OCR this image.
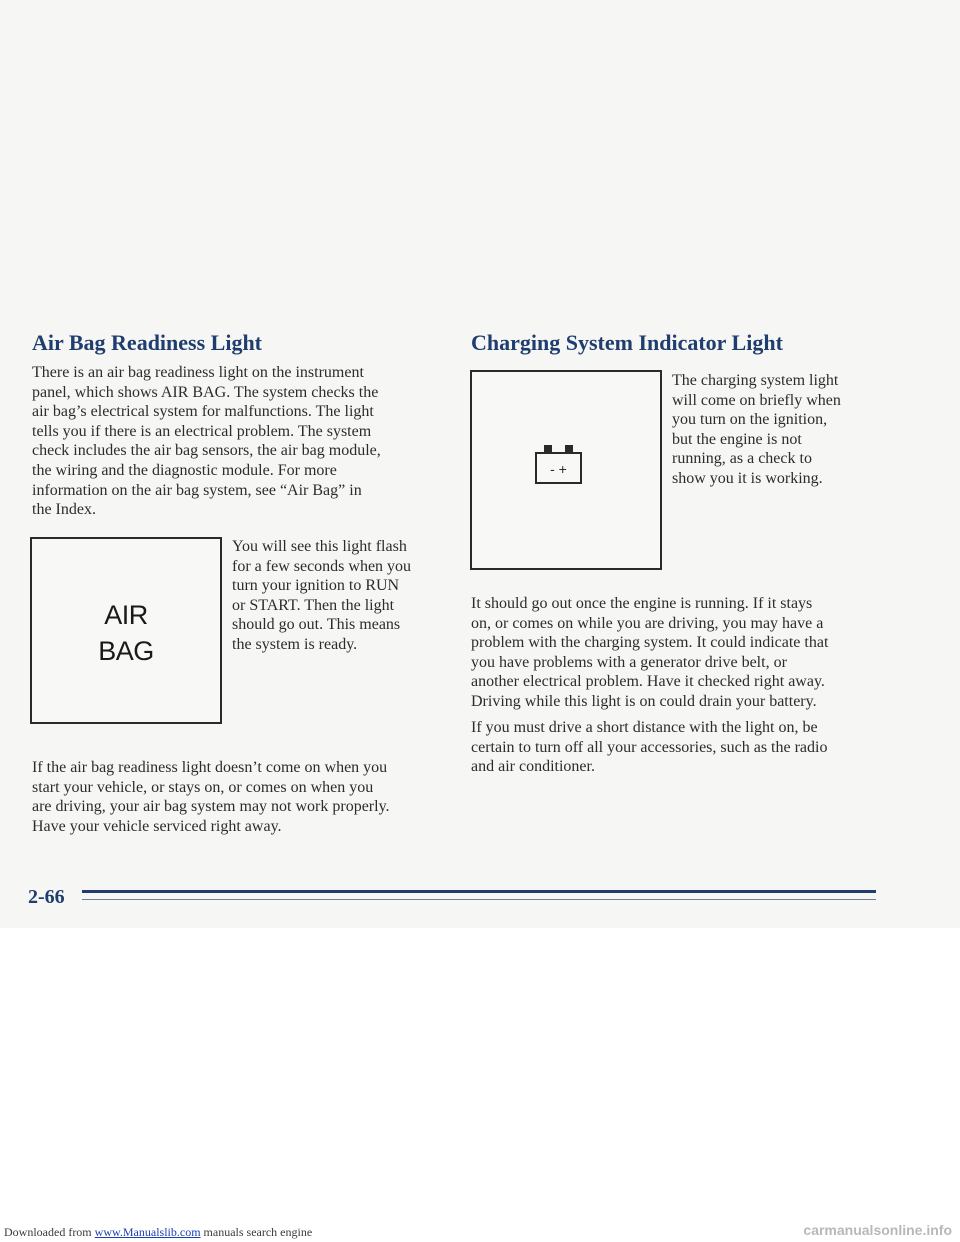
Air Bag Readiness Light
There is an air bag readiness light on the instrument
panel, which shows AIR BAG. The system checks the
air bag’s electrical system for malfunctions. The light
tells you if there is an electrical problem. The system
check includes the air bag sensors, the air bag module,
the wiring and the diagnostic module. For more
information on the air bag system, see “Air Bag” in
the Index.
AIR
BAG
You will see this light flash
for a few seconds when you
turn your ignition to RUN
or START. Then the light
should go out. This means
the system is ready.
If the air bag readiness light doesn’t come on when you
start your vehicle, or stays on, or comes on when you
are driving, your air bag system may not work properly.
Have your vehicle serviced right away.
Charging System Indicator Light
- +
The charging system light
will come on briefly when
you turn on the ignition,
but the engine is not
running, as a check to
show you it is working.
It should go out once the engine is running. If it stays
on, or comes on while you are driving, you may have a
problem with the charging system. It could indicate that
you have problems with a generator drive belt, or
another electrical problem. Have it checked right away.
Driving while this light is on could drain your battery.
If you must drive a short distance with the light on, be
certain to turn off all your accessories, such as the radio
and air conditioner.
2-66

Downloaded from www.Manualslib.com manuals search engine	carmanualsonline.info
